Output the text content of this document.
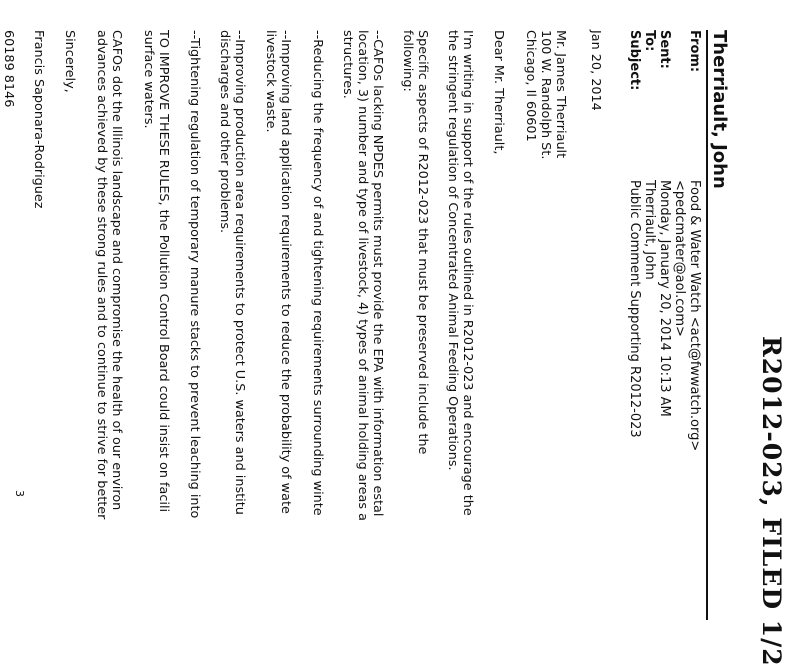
R2012-023, FILED 1/2
Therriault, John
From:
Food & Water Watch <act@fwwatch.org>
<pedcmater@aol.com>
Sent:
Monday, January 20, 2014 10:13 AM
To:
Therriault, John
Subject:
Public Comment Supporting R2012-023
Jan 20, 2014
Mr. James Therriault
100 W. Randolph St.
Chicago, Il 60601
Dear Mr. Therriault,
I'm writing in support of the rules outlined in R2012-023 and encourage the
the stringent regulation of Concentrated Animal Feeding Operations.
Specific aspects of R2012-023 that must be preserved include the
following:
--CAFOs lacking NPDES permits must provide the EPA with information estal
location, 3) number and type of livestock, 4) types of animal holding areas a
structures.
--Reducing the frequency of and tightening requirements surrounding winte
--Improving land application requirements to reduce the probability of wate
livestock waste.
--Improving production area requirements to protect U.S. waters and institu
discharges and other problems.
--Tightening regulation of temporary manure stacks to prevent leaching into
TO IMPROVE THESE RULES, the Pollution Control Board could insist on facili
surface waters.
CAFOs dot the Illinois landscape and compromise the health of our environ
advances achieved by these strong rules and to continue to strive for better
Sincerely,
Francis Saponara-Rodriguez
60189 8146
3
